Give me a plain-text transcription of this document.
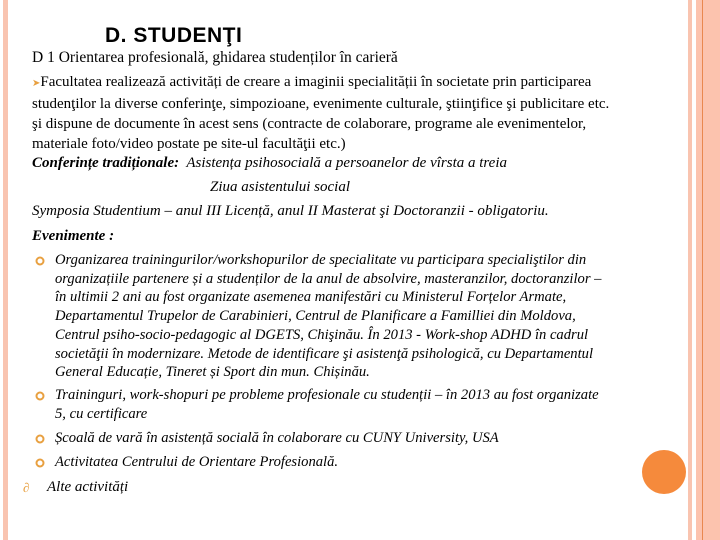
D. STUDENŢI
D 1 Orientarea profesională, ghidarea studenților în carieră
➤Facultatea realizează activități de creare a imaginii specialității în societate prin participarea
studenţilor la diverse conferinţe, simpozioane, evenimente culturale, ştiinţifice şi publicitare etc.
şi dispune de documente în acest sens (contracte de colaborare, programe ale evenimentelor,
materiale foto/video postate pe site-ul facultăţii etc.)
Conferințe tradiționale: Asistența psihosocială a persoanelor de vîrsta a treia
Ziua asistentului social
Symposia Studentium – anul III Licență, anul II Masterat şi Doctoranzii - obligatoriu.
Evenimente :
Organizarea trainingurilor/workshopurilor de specialitate vu participara specialiştilor din
organizațiile partenere și a studenților de la anul de absolvire, masteranzilor, doctoranzilor –
în ultimii 2 ani au fost organizate asemenea manifestări cu Ministerul Forțelor Armate,
Departamentul Trupelor de Carabinieri, Centrul de Planificare a Familliei din Moldova,
Centrul psiho-socio-pedagogic al DGETS, Chişinău. În 2013 - Work-shop ADHD în cadrul
societăţii în modernizare. Metode de identificare şi asistenţă psihologică, cu Departamentul
General Educație, Tineret și Sport din mun. Chișinău.
Traininguri, work-shopuri pe probleme profesionale cu studenții – în 2013 au fost organizate
5, cu certificare
Școală de vară în asistență socială în colaborare cu CUNY University, USA
Activitatea Centrului de Orientare Profesională.
∂ Alte activități
